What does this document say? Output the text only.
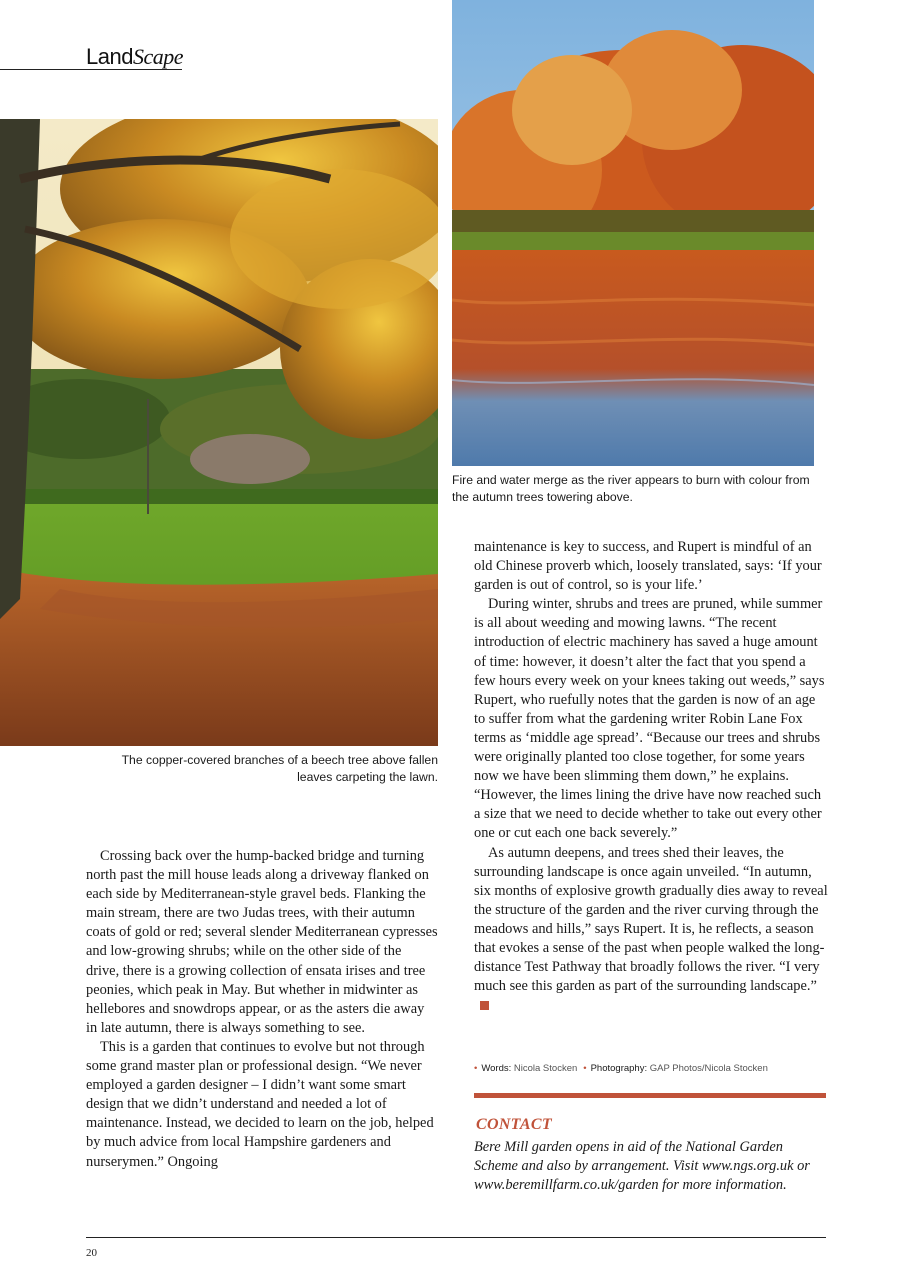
LandScape
The copper-covered branches of a beech tree above fallen leaves carpeting the lawn.
Fire and water merge as the river appears to burn with colour from the autumn trees towering above.

Crossing back over the hump-backed bridge and turning north past the mill house leads along a driveway flanked on each side by Mediterranean-style gravel beds. Flanking the main stream, there are two Judas trees, with their autumn coats of gold or red; several slender Mediterranean cypresses and low-growing shrubs; while on the other side of the drive, there is a growing collection of ensata irises and tree peonies, which peak in May. But whether in midwinter as hellebores and snowdrops appear, or as the asters die away in late autumn, there is always something to see.

This is a garden that continues to evolve but not through some grand master plan or professional design. “We never employed a garden designer – I didn’t want some smart design that we didn’t understand and needed a lot of maintenance. Instead, we decided to learn on the job, helped by much advice from local Hampshire gardeners and nurserymen.” Ongoing

maintenance is key to success, and Rupert is mindful of an old Chinese proverb which, loosely translated, says: ‘If your garden is out of control, so is your life.’

During winter, shrubs and trees are pruned, while summer is all about weeding and mowing lawns. “The recent introduction of electric machinery has saved a huge amount of time: however, it doesn’t alter the fact that you spend a few hours every week on your knees taking out weeds,” says Rupert, who ruefully notes that the garden is now of an age to suffer from what the gardening writer Robin Lane Fox terms as ‘middle age spread’. “Because our trees and shrubs were originally planted too close together, for some years now we have been slimming them down,” he explains. “However, the limes lining the drive have now reached such a size that we need to decide whether to take out every other one or cut each one back severely.”

As autumn deepens, and trees shed their leaves, the surrounding landscape is once again unveiled. “In autumn, six months of explosive growth gradually dies away to reveal the structure of the garden and the river curving through the meadows and hills,” says Rupert. It is, he reflects, a season that evokes a sense of the past when people walked the long-distance Test Pathway that broadly follows the river. “I very much see this garden as part of the surrounding landscape.”

• Words: Nicola Stocken • Photography: GAP Photos/Nicola Stocken
CONTACT
Bere Mill garden opens in aid of the National Garden Scheme and also by arrangement. Visit www.ngs.org.uk or www.beremillfarm.co.uk/garden for more information.
20
